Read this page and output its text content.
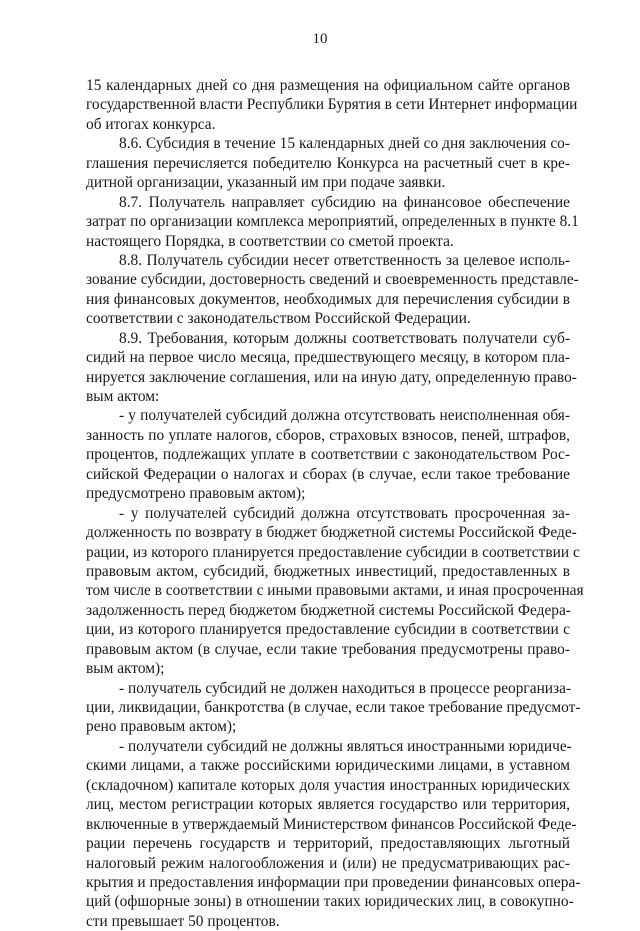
10
15 календарных дней со дня размещения на официальном сайте органов
государственной власти Республики Бурятия в сети Интернет информации
об итогах конкурса.
8.6. Субсидия в течение 15 календарных дней со дня заключения со-
глашения перечисляется победителю Конкурса на расчетный счет в кре-
дитной организации, указанный им при подаче заявки.
8.7. Получатель направляет субсидию на финансовое обеспечение
затрат по организации комплекса мероприятий, определенных в пункте 8.1
настоящего Порядка, в соответствии со сметой проекта.
8.8. Получатель субсидии несет ответственность за целевое исполь-
зование субсидии, достоверность сведений и своевременность представле-
ния финансовых документов, необходимых для перечисления субсидии в
соответствии с законодательством Российской Федерации.
8.9. Требования, которым должны соответствовать получатели суб-
сидий на первое число месяца, предшествующего месяцу, в котором пла-
нируется заключение соглашения, или на иную дату, определенную право-
вым актом:
- у получателей субсидий должна отсутствовать неисполненная обя-
занность по уплате налогов, сборов, страховых взносов, пеней, штрафов,
процентов, подлежащих уплате в соответствии с законодательством Рос-
сийской Федерации о налогах и сборах (в случае, если такое требование
предусмотрено правовым актом);
- у получателей субсидий должна отсутствовать просроченная за-
долженность по возврату в бюджет бюджетной системы Российской Феде-
рации, из которого планируется предоставление субсидии в соответствии с
правовым актом, субсидий, бюджетных инвестиций, предоставленных в
том числе в соответствии с иными правовыми актами, и иная просроченная
задолженность перед бюджетом бюджетной системы Российской Федера-
ции, из которого планируется предоставление субсидии в соответствии с
правовым актом (в случае, если такие требования предусмотрены право-
вым актом);
- получатель субсидий не должен находиться в процессе реорганиза-
ции, ликвидации, банкротства (в случае, если такое требование предусмот-
рено правовым актом);
- получатели субсидий не должны являться иностранными юридиче-
скими лицами, а также российскими юридическими лицами, в уставном
(складочном) капитале которых доля участия иностранных юридических
лиц, местом регистрации которых является государство или территория,
включенные в утверждаемый Министерством финансов Российской Феде-
рации перечень государств и территорий, предоставляющих льготный
налоговый режим налогообложения и (или) не предусматривающих рас-
крытия и предоставления информации при проведении финансовых опера-
ций (офшорные зоны) в отношении таких юридических лиц, в совокупно-
сти превышает 50 процентов.
